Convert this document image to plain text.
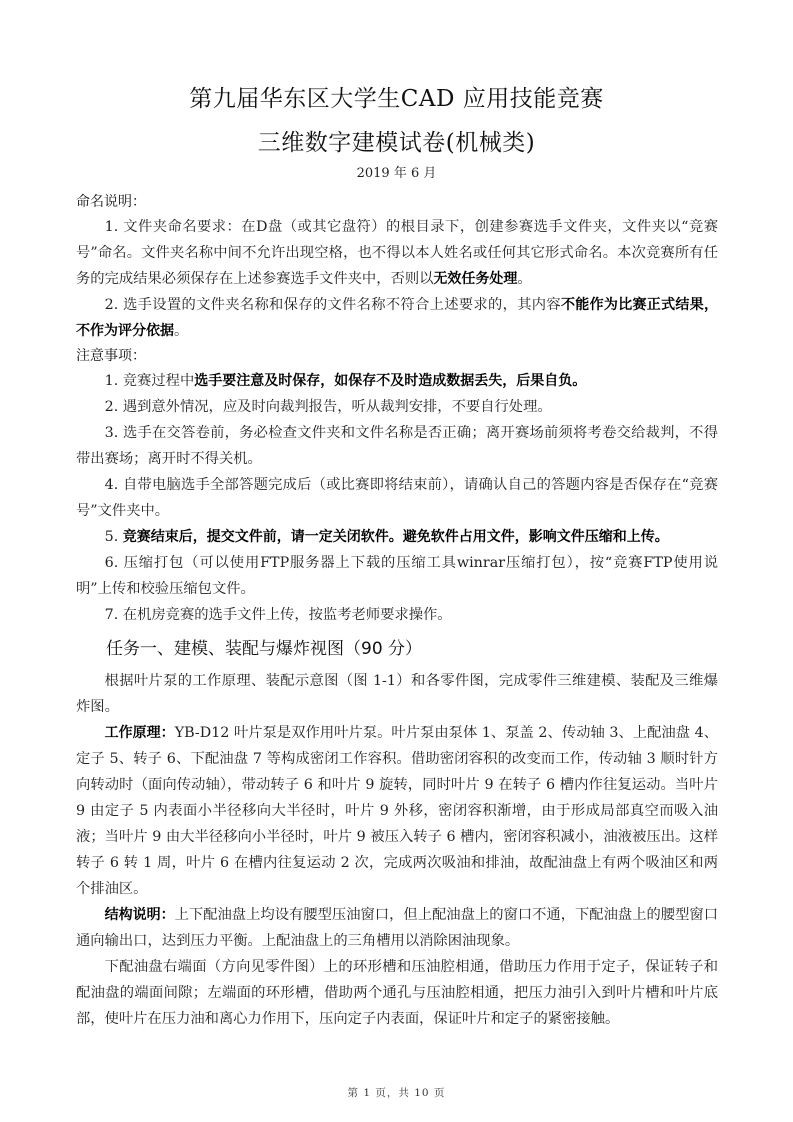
第九届华东区大学生CAD 应用技能竞赛
三维数字建模试卷(机械类)
2019 年 6 月
命名说明：

1. 文件夹命名要求：在D盘（或其它盘符）的根目录下，创建参赛选手文件夹，文件夹以“竞赛号”命名。文件夹名称中间不允许出现空格，也不得以本人姓名或任何其它形式命名。本次竞赛所有任务的完成结果必须保存在上述参赛选手文件夹中，否则以无效任务处理。

2. 选手设置的文件夹名称和保存的文件名称不符合上述要求的，其内容不能作为比赛正式结果，不作为评分依据。

注意事项：

1. 竞赛过程中选手要注意及时保存，如保存不及时造成数据丢失，后果自负。

2. 遇到意外情况，应及时向裁判报告，听从裁判安排，不要自行处理。

3. 选手在交答卷前，务必检查文件夹和文件名称是否正确；离开赛场前须将考卷交给裁判，不得带出赛场；离开时不得关机。

4. 自带电脑选手全部答题完成后（或比赛即将结束前），请确认自己的答题内容是否保存在“竞赛号”文件夹中。

5. 竞赛结束后，提交文件前，请一定关闭软件。避免软件占用文件，影响文件压缩和上传。

6. 压缩打包（可以使用FTP服务器上下载的压缩工具winrar压缩打包），按“竞赛FTP使用说明”上传和校验压缩包文件。

7. 在机房竞赛的选手文件上传，按监考老师要求操作。

任务一、建模、装配与爆炸视图（90 分）

根据叶片泵的工作原理、装配示意图（图 1-1）和各零件图，完成零件三维建模、装配及三维爆炸图。

工作原理：YB-D12 叶片泵是双作用叶片泵。叶片泵由泵体 1、泵盖 2、传动轴 3、上配油盘 4、定子 5、转子 6、下配油盘 7 等构成密闭工作容积。借助密闭容积的改变而工作，传动轴 3 顺时针方向转动时（面向传动轴），带动转子 6 和叶片 9 旋转，同时叶片 9 在转子 6 槽内作往复运动。当叶片 9 由定子 5 内表面小半径移向大半径时，叶片 9 外移，密闭容积渐增，由于形成局部真空而吸入油液；当叶片 9 由大半径移向小半径时，叶片 9 被压入转子 6 槽内，密闭容积减小，油液被压出。这样转子 6 转 1 周，叶片 6 在槽内往复运动 2 次，完成两次吸油和排油，故配油盘上有两个吸油区和两个排油区。

结构说明：上下配油盘上均设有腰型压油窗口，但上配油盘上的窗口不通，下配油盘上的腰型窗口通向输出口，达到压力平衡。上配油盘上的三角槽用以消除困油现象。

下配油盘右端面（方向见零件图）上的环形槽和压油腔相通，借助压力作用于定子，保证转子和配油盘的端面间隙；左端面的环形槽，借助两个通孔与压油腔相通，把压力油引入到叶片槽和叶片底部，使叶片在压力油和离心力作用下，压向定子内表面，保证叶片和定子的紧密接触。

第 1 页，共 10 页
